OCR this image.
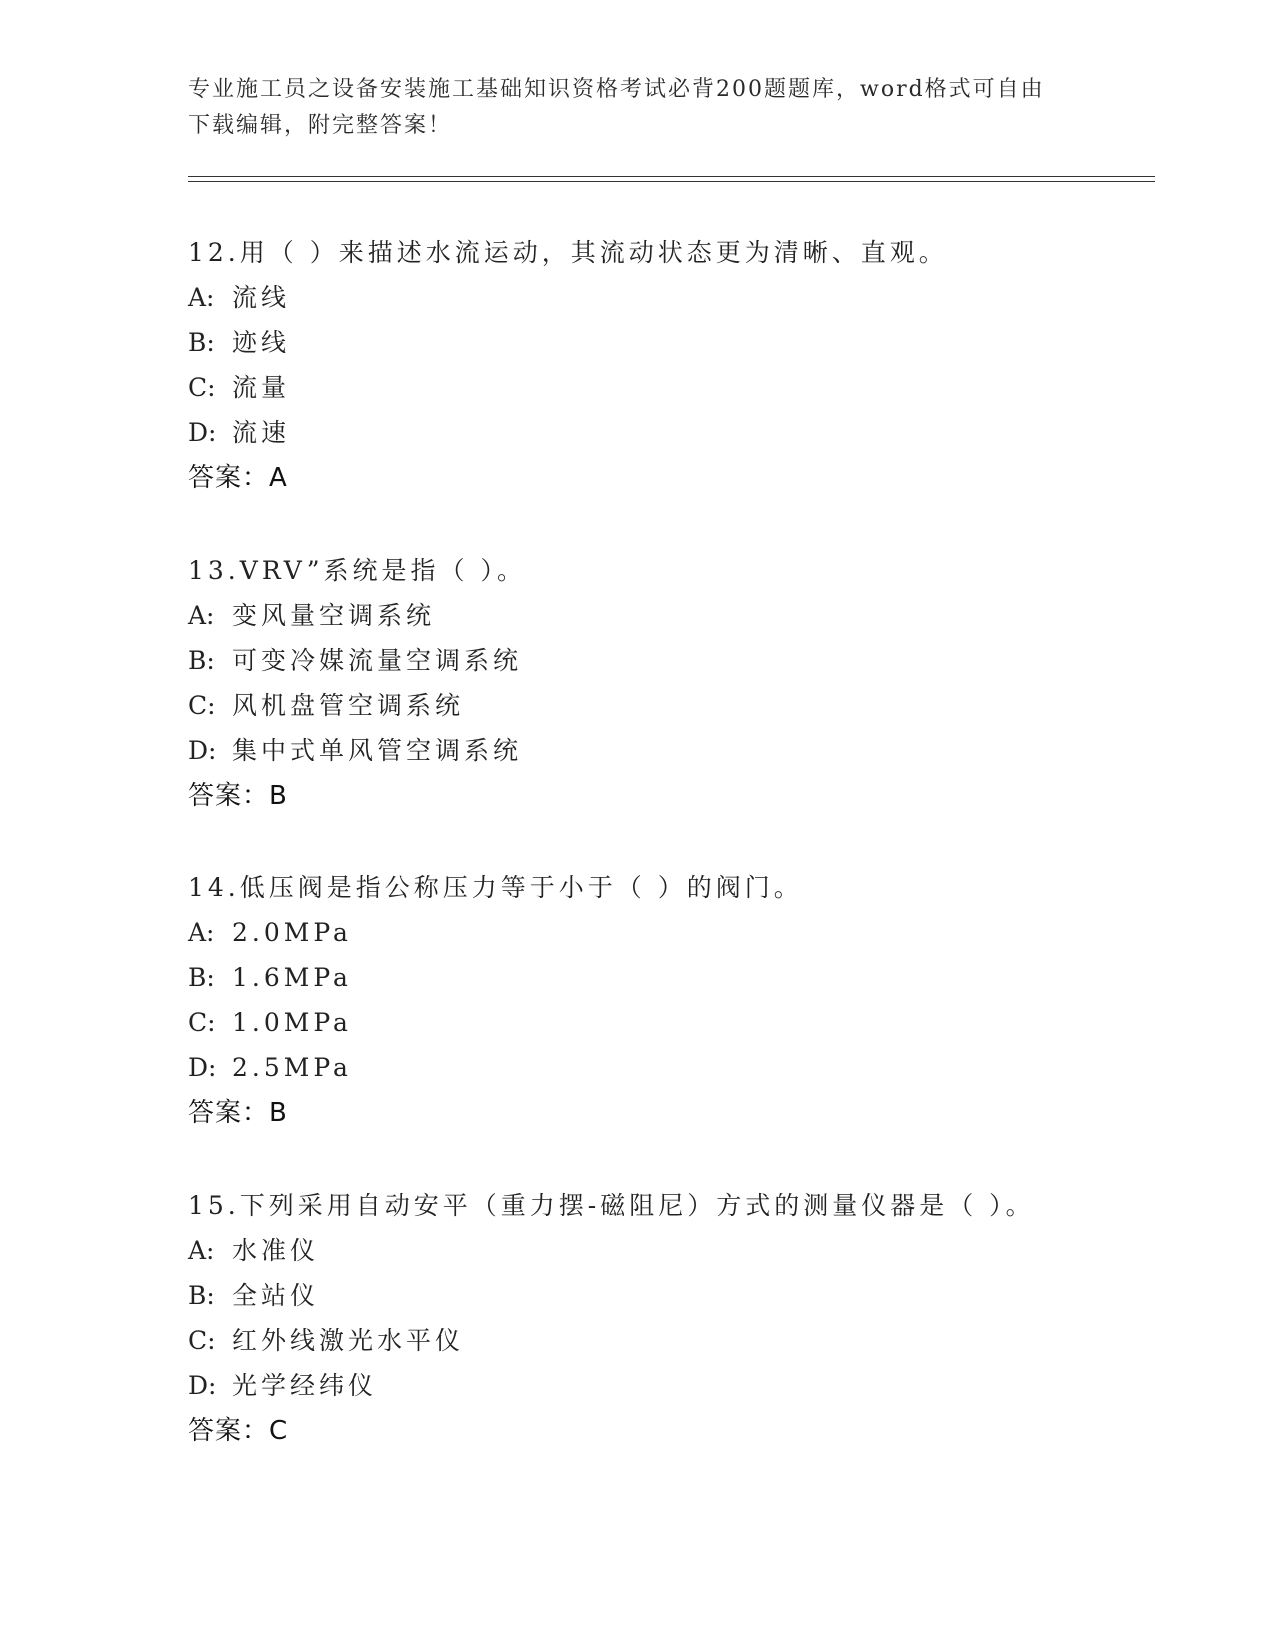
专业施工员之设备安装施工基础知识资格考试必背200题题库，word格式可自由
下载编辑，附完整答案！
12.用（ ）来描述水流运动，其流动状态更为清晰、直观。
A: 流线
B: 迹线
C: 流量
D: 流速
答案：A
13.VRV”系统是指（ ）。
A: 变风量空调系统
B: 可变冷媒流量空调系统
C: 风机盘管空调系统
D: 集中式单风管空调系统
答案：B
14.低压阀是指公称压力等于小于（ ）的阀门。
A: 2.0MPa
B: 1.6MPa
C: 1.0MPa
D: 2.5MPa
答案：B
15.下列采用自动安平（重力摆-磁阻尼）方式的测量仪器是（ ）。
A: 水准仪
B: 全站仪
C: 红外线激光水平仪
D: 光学经纬仪
答案：C
